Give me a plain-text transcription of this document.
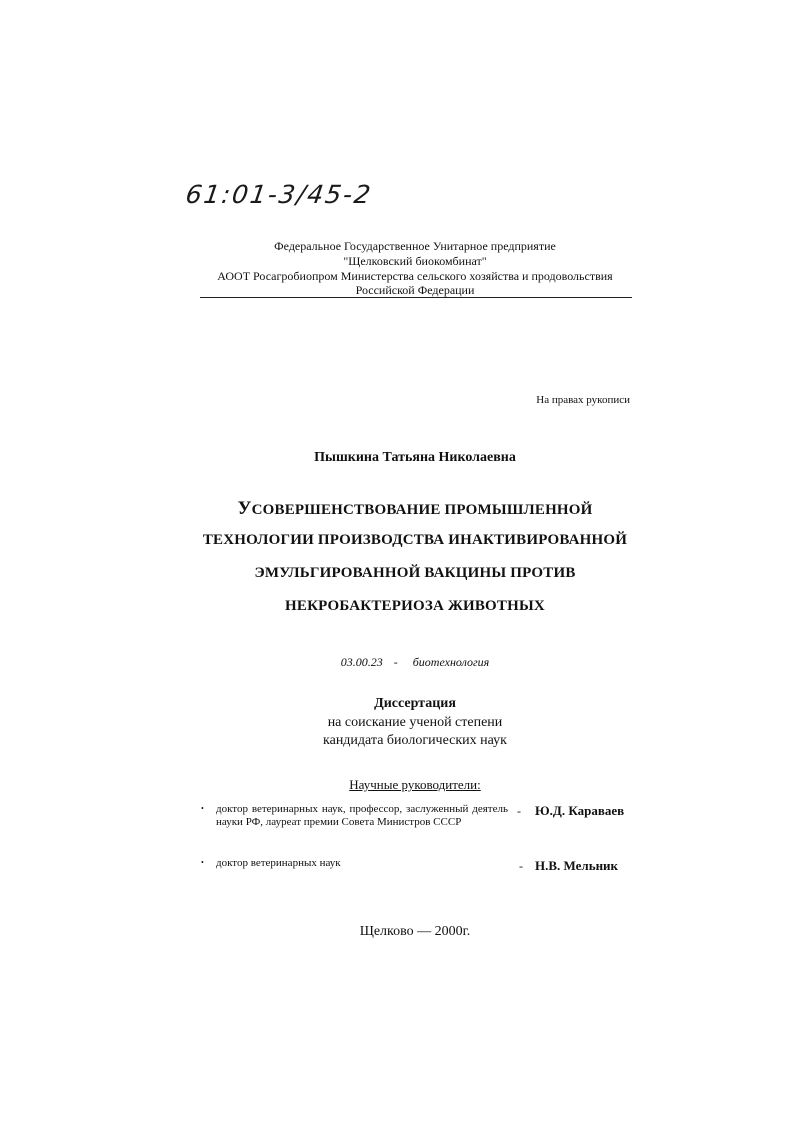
61:01-3/45-2
Федеральное Государственное Унитарное предприятие
"Щелковский биокомбинат"
АООТ Росагробиопром Министерства сельского хозяйства и продовольствия
Российской Федерации
На правах рукописи
Пышкина Татьяна Николаевна
УСОВЕРШЕНСТВОВАНИЕ ПРОМЫШЛЕННОЙ
ТЕХНОЛОГИИ ПРОИЗВОДСТВА ИНАКТИВИРОВАННОЙ
ЭМУЛЬГИРОВАННОЙ ВАКЦИНЫ ПРОТИВ
НЕКРОБАКТЕРИОЗА ЖИВОТНЫХ
03.00.23 - биотехнология
Диссертация
на соискание ученой степени
кандидата биологических наук
Научные руководители:
• доктор ветеринарных наук, профессор, заслуженный деятель науки РФ, лауреат премии Совета Министров СССР
- Ю.Д. Караваев
• доктор ветеринарных наук	- Н.В. Мельник
Щелково — 2000г.
